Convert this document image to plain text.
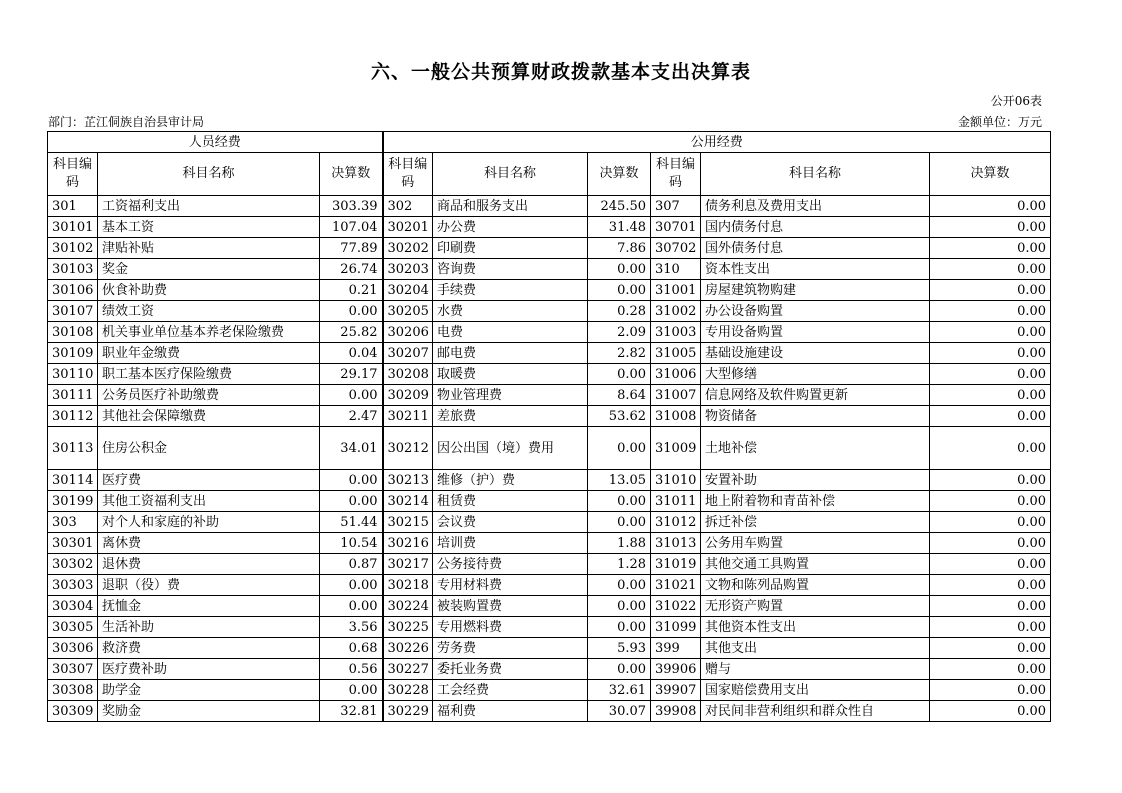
六、一般公共预算财政拨款基本支出决算表
公开06表
部门：芷江侗族自治县审计局	金额单位：万元
人员经费			公用经费					
科目编码	科目名称	决算数	科目编码	科目名称	决算数	科目编码	科目名称	决算数
301	工资福利支出	303.39	302	商品和服务支出	245.50	307	债务利息及费用支出	0.00
30101	基本工资	107.04	30201	办公费	31.48	30701	国内债务付息	0.00
30102	津贴补贴	77.89	30202	印刷费	7.86	30702	国外债务付息	0.00
30103	奖金	26.74	30203	咨询费	0.00	310	资本性支出	0.00
30106	伙食补助费	0.21	30204	手续费	0.00	31001	房屋建筑物购建	0.00
30107	绩效工资	0.00	30205	水费	0.28	31002	办公设备购置	0.00
30108	机关事业单位基本养老保险缴费	25.82	30206	电费	2.09	31003	专用设备购置	0.00
30109	职业年金缴费	0.04	30207	邮电费	2.82	31005	基础设施建设	0.00
30110	职工基本医疗保险缴费	29.17	30208	取暖费	0.00	31006	大型修缮	0.00
30111	公务员医疗补助缴费	0.00	30209	物业管理费	8.64	31007	信息网络及软件购置更新	0.00
30112	其他社会保障缴费	2.47	30211	差旅费	53.62	31008	物资储备	0.00
30113	住房公积金	34.01	30212	因公出国（境）费用	0.00	31009	土地补偿	0.00
30114	医疗费	0.00	30213	维修（护）费	13.05	31010	安置补助	0.00
30199	其他工资福利支出	0.00	30214	租赁费	0.00	31011	地上附着物和青苗补偿	0.00
303	对个人和家庭的补助	51.44	30215	会议费	0.00	31012	拆迁补偿	0.00
30301	离休费	10.54	30216	培训费	1.88	31013	公务用车购置	0.00
30302	退休费	0.87	30217	公务接待费	1.28	31019	其他交通工具购置	0.00
30303	退职（役）费	0.00	30218	专用材料费	0.00	31021	文物和陈列品购置	0.00
30304	抚恤金	0.00	30224	被装购置费	0.00	31022	无形资产购置	0.00
30305	生活补助	3.56	30225	专用燃料费	0.00	31099	其他资本性支出	0.00
30306	救济费	0.68	30226	劳务费	5.93	399	其他支出	0.00
30307	医疗费补助	0.56	30227	委托业务费	0.00	39906	赠与	0.00
30308	助学金	0.00	30228	工会经费	32.61	39907	国家赔偿费用支出	0.00
30309	奖励金	32.81	30229	福利费	30.07	39908	对民间非营利组织和群众性自	0.00
